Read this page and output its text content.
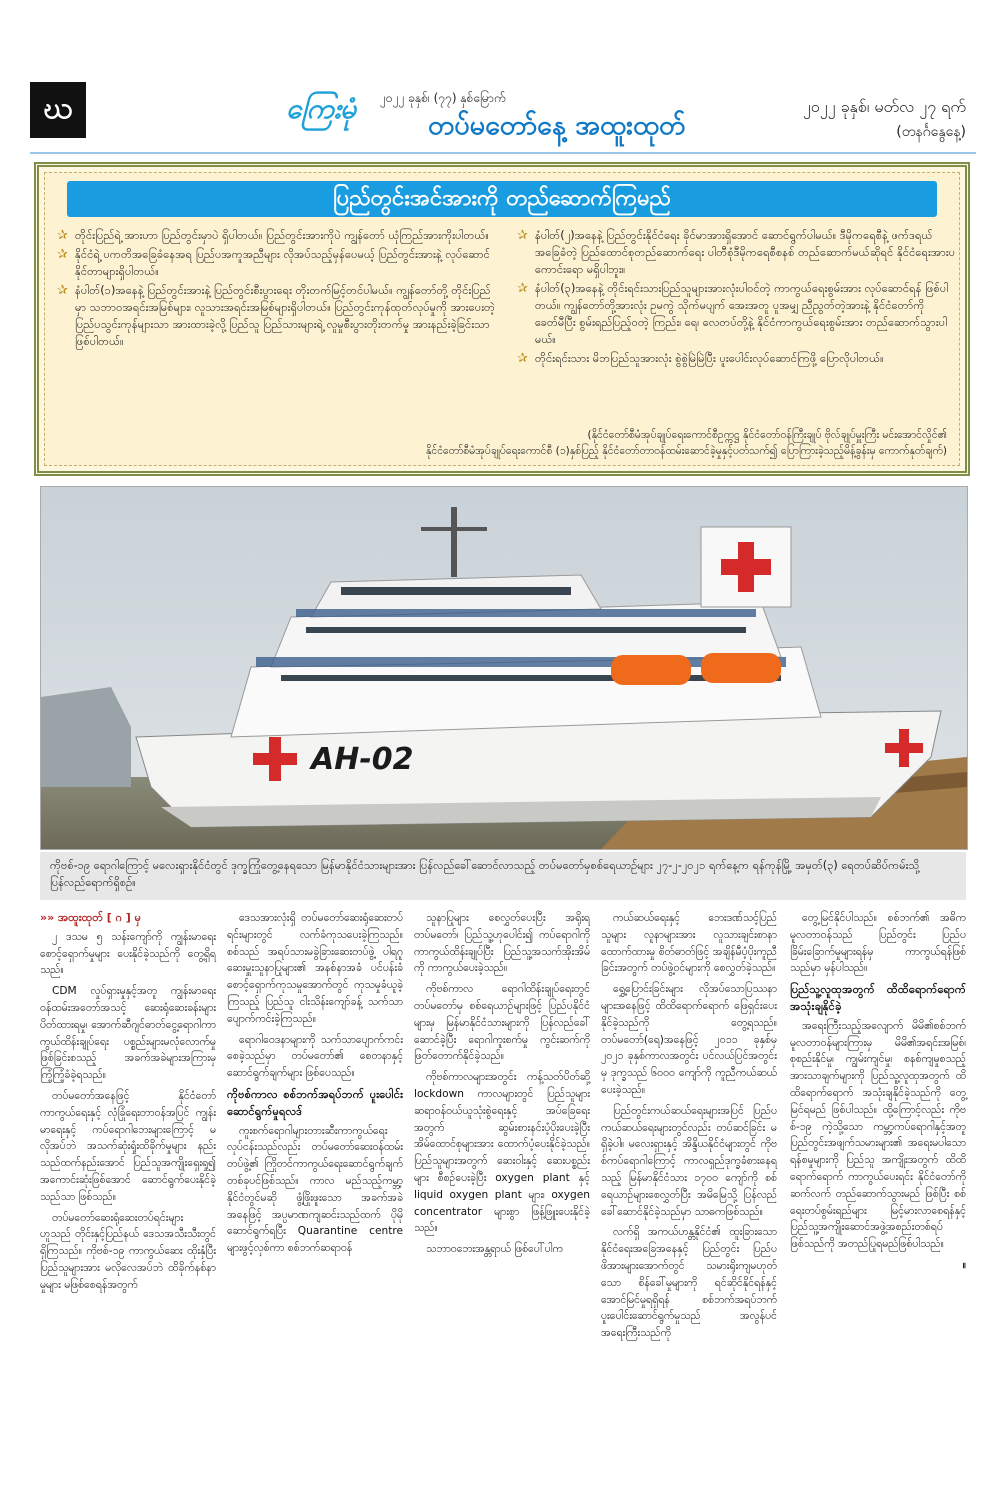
ဃ	ကြေးမုံ ၂၀၂၂ ခုနှစ်၊ (၇၇) နှစ်မြောက်
တပ်မတော်နေ့ အထူးထုတ်
၂၀၂၂ ခုနှစ်၊ မတ်လ ၂၇ ရက်
(တနင်္ဂနွေနေ့)
ပြည်တွင်းအင်အားကို တည်ဆောက်ကြမည်
✰ တိုင်းပြည်ရဲ့ အားဟာ ပြည်တွင်းမှာပဲ ရှိပါတယ်။ ပြည်တွင်းအားကိုပဲ ကျွန်တော် ယုံကြည်အားကိုးပါတယ်။
✰ နိုင်ငံရဲ့ ပကတိအခြေခံနေအရ ပြည်ပအကူအညီများ လိုအပ်သည့်မှန်ပေမယ့် ပြည်တွင်းအားနဲ့ လုပ်ဆောင်နိုင်တာများရှိပါတယ်။
✰ နံပါတ်(၁)အနေနဲ့ ပြည်တွင်းအားနဲ့ ပြည်တွင်းစီးပွားရေး တိုးတက်မြင့်တင်ပါမယ်။ ကျွန်တော်တို့ တိုင်းပြည်မှာ သဘာဝအရင်းအမြစ်များ၊ လူသားအရင်းအမြစ်များရှိပါတယ်။ ပြည်တွင်းကုန်ထုတ်လုပ်မှုကို အားပေးတဲ့ ပြည်ပသွင်းကုန်များသာ အားထားခဲ့လို့ ပြည်သူ ပြည်သားများရဲ့ လူမှုစီးပွားတိုးတက်မှု အားနည်းခဲ့ခြင်းသာ ဖြစ်ပါတယ်။
✰ နံပါတ်(၂)အနေနဲ့ ပြည်တွင်းနိုင်ငံရေး ခိုင်မာအားရှိအောင် ဆောင်ရွက်ပါမယ်။ ဒီမိုကရေစီနဲ့ ဖက်ဒရယ်အခြေခံတဲ့ ပြည်ထောင်စုတည်ဆောက်ရေး ပါတီစုံဒီမိုကရေစီစနစ် တည်ဆောက်မယ်ဆိုရင် နိုင်ငံရေးအားပကောင်းရော မရှိပါဘူး။
✰ နံပါတ်(၃)အနေနဲ့ တိုင်းရင်းသားပြည်သူများအားလုံးပါဝင်တဲ့ ကာကွယ်ရေးစွမ်းအား လုပ်ဆောင်ရန် ဖြစ်ပါတယ်။ ကျွန်တော်တို့အားလုံး ဥမကွဲ သိုက်မပျက် အေးအတူ ပူအမျှ ညီညွတ်တဲ့အားနဲ့ နိုင်ငံတော်ကို ခေတ်မီပြီး စွမ်းရည်ပြည့်ဝတဲ့ ကြည်း၊ ရေ၊ လေတပ်တို့နဲ့ နိုင်ငံကာကွယ်ရေးစွမ်းအား တည်ဆောက်သွားပါမယ်။
✰ တိုင်းရင်းသား မိဘပြည်သူအားလုံး စွဲစွဲမြဲမြဲပြီး ပူးပေါင်းလုပ်ဆောင်ကြဖို့ ပြောလိုပါတယ်။
(နိုင်ငံတော်စီမံအုပ်ချုပ်ရေးကောင်စီဥက္ကဋ္ဌ နိုင်ငံတော်ဝန်ကြီးချုပ် ဗိုလ်ချုပ်မှူးကြီး မင်းအောင်လှိုင်၏
နိုင်ငံတော်စီမံအုပ်ချုပ်ရေးကောင်စီ (၁)နှစ်ပြည့် နိုင်ငံတော်တာဝန်ထမ်းဆောင်ခဲ့မှုနှင့်ပတ်သက်၍ ပြောကြားခဲ့သည့်မိန့်ခွန်းမှ ကောက်နုတ်ချက်)
AH-02
ကိုဗစ်-၁၉ ရောဂါကြောင့် မလေးရှားနိုင်ငံတွင် ဒုက္ခကြုံတွေ့နေရသော မြန်မာနိုင်ငံသားများအား ပြန်လည်ခေါ်ဆောင်လာသည့် တပ်မတော်မှစစ်ရေယာဉ်များ ၂၇-၂-၂၀၂၁ ရက်နေ့က ရန်ကုန်မြို့ အမှတ်(၃) ရေတပ်ဆိပ်ကမ်းသို့ ပြန်လည်ရောက်ရှိစဉ်။
»» အထူးထုတ် [ ဂ ] မှ

၂ ဒသမ ၅ သန်းကျော်ကို ကျွန်းမာရေးစောင့်ရှောက်မှုများ ပေးနိုင်ခဲ့သည်ကို တွေ့ရှိရသည်။

CDM လှုပ်ရှားမှုနှင့်အတူ ကျွန်းမာရေးဝန်ထမ်းအတော်အသင့် ဆေးရုံဆေးခန်းများ ပိတ်ထားရမှု၊ အောက်ဆီဂျင်ဓာတ်ငွေ့ရောဂါကာကွယ်ထိန်းချုပ်ရေး ပစ္စည်းများမလုံလောက်မှု ဖြစ်ခြင်းစသည့် အခက်အခဲများအကြားမှ ကြံ့ကြံ့ခံခဲ့ရသည်။

တပ်မတော်အနေဖြင့် နိုင်ငံတော်ကာကွယ်ရေးနှင့် လုံခြုံရေးတာဝန်အပြင် ကျွန်းမာရေးနှင့် ကပ်ရောဂါဘေးများကြောင့် မလိုအပ်ဘဲ အသက်ဆုံးရှုံးထိခိုက်မှုများ နည်းသည်ထက်နည်းအောင် ပြည်သူအကျိုးရှေးရှု၍ အကောင်းဆုံးဖြစ်အောင် ဆောင်ရွက်ပေးနိုင်ခဲ့သည်သာ ဖြစ်သည်။

တပ်မတော်ဆေးရုံဆေးတပ်ရင်းများ ဟူသည် တိုင်းနှင့်ပြည်နယ် ဒေသအသီးသီးတွင်ရှိကြသည်။ ကိုဗစ်-၁၉ ကာကွယ်ဆေး ထိုးနှံပြီး ပြည်သူများအား မလိုလေအပ်ဘဲ ထိခိုက်နစ်နာမှုများ မဖြစ်စေရန်အတွက်

ဒေသအားလုံးရှိ တပ်မတော်ဆေးရုံဆေးတပ်ရင်းများတွင် လက်ခံကုသပေးခဲ့ကြသည်။ စစ်သည် အရပ်သားမခွဲခြားဆေးတပ်ဖွဲ့ ပါရဂူ ဆေးမှူးသူနာပြုများ၏ အနစ်နာအခံ ပင်ပန်းခံစောင့်ရှောက်ကုသမှုအောက်တွင် ကုသမှုခံယူခဲ့ကြသည့် ပြည်သူ ငါးသိန်းကျော်ခန့် သက်သာပျောက်ကင်းခဲ့ကြသည်။

ရောဂါဝေဒနာများကို သက်သာပျောက်ကင်းစေခဲ့သည်မှာ တပ်မတော်၏ စေတနာနှင့် ဆောင်ရွက်ချက်များ ဖြစ်ပေသည်။

ကိုဗစ်ကာလ စစ်ဘက်အရပ်ဘက် ပူးပေါင်းဆောင်ရွက်မှုရလဒ်

ကူးစက်ရောဂါများတားဆီးကာကွယ်ရေးလုပ်ငန်းသည်လည်း တပ်မတော်ဆေးဝန်ထမ်းတပ်ဖွဲ့၏ ကြိုတင်ကာကွယ်ရေးဆောင်ရွက်ချက်တစ်ခုပင်ဖြစ်သည်။ ကာလ မည်သည့်ကမ္ဘာ့နိုင်ငံတွင်မဆို ဖွံ့ဖြိုးဖူးသော အခက်အခဲ အနေဖြင့် အပ္ပမာဏကျဆင်းသည်ထက် ပိုမိုဆောင်ရွက်ရပြီး Quarantine centre များဖွင့်လှစ်ကာ စစ်ဘက်ဆရာဝန်

သူနာပြုများ စေလွှတ်ပေးပြီး အရိုးရတပ်မတော်၊ ပြည်သူ့ဟုပေါင်း၍ ကပ်ရောဂါကို ကာကွယ်ထိန်းချုပ်ပြီး ပြည်သူ့အသက်အိုးအိမ်ကို ကာကွယ်ပေးခဲ့သည်။

ကိုဗစ်ကာလ ရောဂါထိန်းချုပ်ရေးတွင် တပ်မတော်မှ စစ်ရေယာဉ်များဖြင့် ပြည်ပနိုင်ငံများမှ မြန်မာနိုင်ငံသားများကို ပြန်လည်ခေါ်ဆောင်ခဲ့ပြီး ရောဂါကူးစက်မှု ကွင်းဆက်ကို ဖြတ်တောက်နိုင်ခဲ့သည်။

ကိုဗစ်ကာလများအတွင်း ကန့်သတ်ပိတ်ဆို့ lockdown ကာလများတွင် ပြည်သူများ ဆရာဝန်ဝယ်ယူသုံးစွဲရေးနှင့် အပ်ခြေရေးအတွက် ဆွမ်းစားနင်းပံ့ပိုးပေးခဲ့ပြီး အိမ်ထောင်စုများအား ထောက်ပံ့ပေးနိုင်ခဲ့သည်။ ပြည်သူများအတွက် ဆေးဝါးနှင့် ဆေးပစ္စည်းများ စီစဉ်ပေးခဲ့ပြီး oxygen plant နှင့် liquid oxygen plant များ၊ oxygen concentrator များစွာ ဖြန့်ဖြူးပေးနိုင်ခဲ့သည်။

သဘာဝဘေးအန္တရာယ် ဖြစ်ပေါ်ပါက

ကယ်ဆယ်ရေးနှင့် ဘေးဒဏ်သင့်ပြည်သူများ လူနာများအား လူသားချင်းစာနာထောက်ထားမှု စိတ်ဓာတ်ဖြင့် အချိန်မီပံ့ပိုးကူညီခြင်းအတွက် တပ်ဖွဲ့ဝင်များကို စေလွှတ်ခဲ့သည်။

ရွှေ့ပြောင်းခြင်းများ လိုအပ်သောပြဿနာများအနေဖြင့် ထိထိရောက်ရောက် ဖြေရှင်းပေးနိုင်ခဲ့သည်ကို တွေ့ရသည်။ တပ်မတော်(ရေ)အနေဖြင့် ၂၀၁၁ ခုနှစ်မှ ၂၀၂၁ ခုနှစ်ကာလအတွင်း ပင်လယ်ပြင်အတွင်းမှ ဒုက္ခသည် ၆၀၀၀ ကျော်ကို ကူညီကယ်ဆယ်ပေးခဲ့သည်။

ပြည်တွင်းကယ်ဆယ်ရေးများအပြင် ပြည်ပကယ်ဆယ်ရေးများတွင်လည်း တပ်ဆင်ခြင်း မရှိခဲ့ပါ။ မလေးရှားနှင့် အိန္ဒိယနိုင်ငံများတွင် ကိုဗစ်ကပ်ရောဂါကြောင့် ကာလရှည်ဒုက္ခခံစားနေရသည့် မြန်မာနိုင်ငံသား ၁၇၀၀ ကျော်ကို စစ်ရေယာဉ်များစေလွှတ်ပြီး အမိမြေသို့ ပြန်လည်ခေါ်ဆောင်နိုင်ခဲ့သည်မှာ သာဓကဖြစ်သည်။

လက်ရှိ အကယ်ဟန္တနိုင်ငံ၏ ထူးခြားသော နိုင်ငံရေးအခြေအနေနှင့် ပြည်တွင်း ပြည်ပ ဖိအားများအောက်တွင် သမားရိုးကျမဟုတ်သော စိန်ခေါ်မှုများကို ရင်ဆိုင်နိုင်ရန်နှင့် အောင်မြင်မှုရရှိရန် စစ်ဘက်အရပ်ဘက်ပူးပေါင်းဆောင်ရွက်မှုသည် အလွန်ပင်အရေးကြီးသည်ကို

တွေ့မြင်နိုင်ပါသည်။ စစ်ဘက်၏ အဓိကမူလတာဝန်သည် ပြည်တွင်း ပြည်ပ ခြိမ်းခြောက်မှုများရန်မှ ကာကွယ်ရန်ဖြစ်သည်မှာ မှန်ပါသည်။

ပြည်သူ့လူထုအတွက် ထိထိရောက်ရောက် အသုံးချနိုင်ခဲ့

အရေးကြီးသည့်အလျောက် မိမိ၏စစ်ဘက် မူလတာဝန်များကြားမှ မိမိ၏အရင်းအမြစ်၊ စုစည်းနိုင်မှု၊ ကျွမ်းကျင်မှု၊ စနစ်ကျမှုစသည့် အားသာချက်များကို ပြည်သူ့လူထုအတွက် ထိထိရောက်ရောက် အသုံးချနိုင်ခဲ့သည်ကို တွေ့မြင်ရမည် ဖြစ်ပါသည်။ ထို့ကြောင့်လည်း ကိုဗစ်-၁၉ ကဲ့သို့သော ကမ္ဘာ့ကပ်ရောဂါနှင့်အတူ ပြည်တွင်းအဖျက်သမားများ၏ အရေးမပါသော ရန်စမှုများကို ပြည်သူ အကျိုးအတွက် ထိထိရောက်ရောက် ကာကွယ်ပေးရင်း နိုင်ငံတော်ကို ဆက်လက် တည်ဆောက်သွားမည် ဖြစ်ပြီး စစ်ရေးတပ်စွမ်းရည်များ မြင့်မားလာစေရန်နှင့် ပြည်သူ့အကျိုးဆောင်အဖွဲ့အစည်းတစ်ရပ် ဖြစ်သည်ကို အတည်ပြုရမည်ဖြစ်ပါသည်။

။
